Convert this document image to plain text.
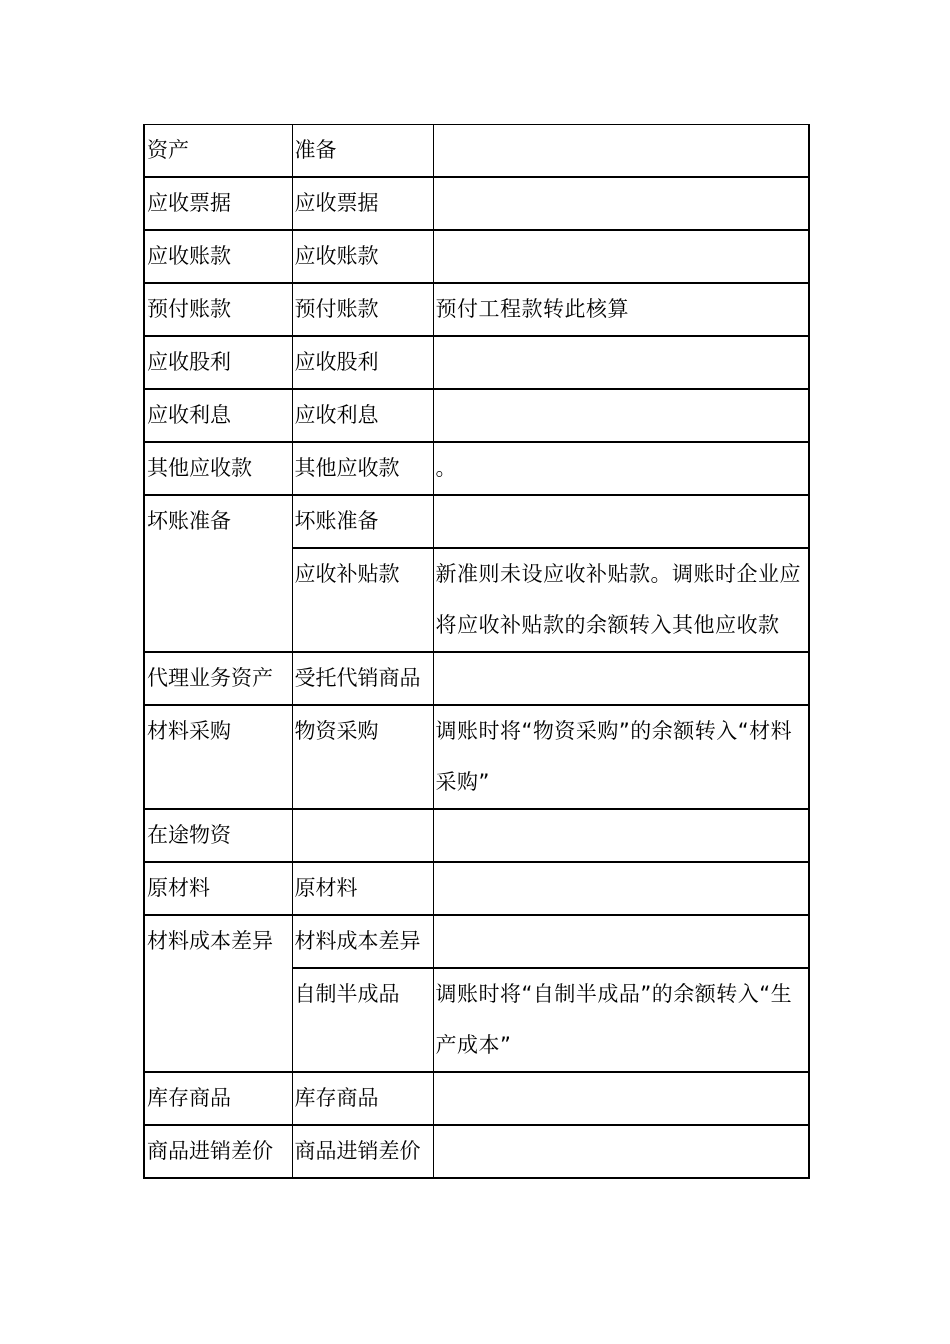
资产	准备	
应收票据	应收票据	
应收账款	应收账款	
预付账款	预付账款	预付工程款转此核算
应收股利	应收股利	
应收利息	应收利息	
其他应收款	其他应收款	。
坏账准备	坏账准备	
	应收补贴款	新准则未设应收补贴款。调账时企业应将应收补贴款的余额转入其他应收款
代理业务资产	受托代销商品	
材料采购	物资采购	调账时将“物资采购”的余额转入“材料采购”
在途物资		
原材料	原材料	
材料成本差异	材料成本差异	
	自制半成品	调账时将“自制半成品”的余额转入“生产成本”
库存商品	库存商品	
商品进销差价	商品进销差价	
